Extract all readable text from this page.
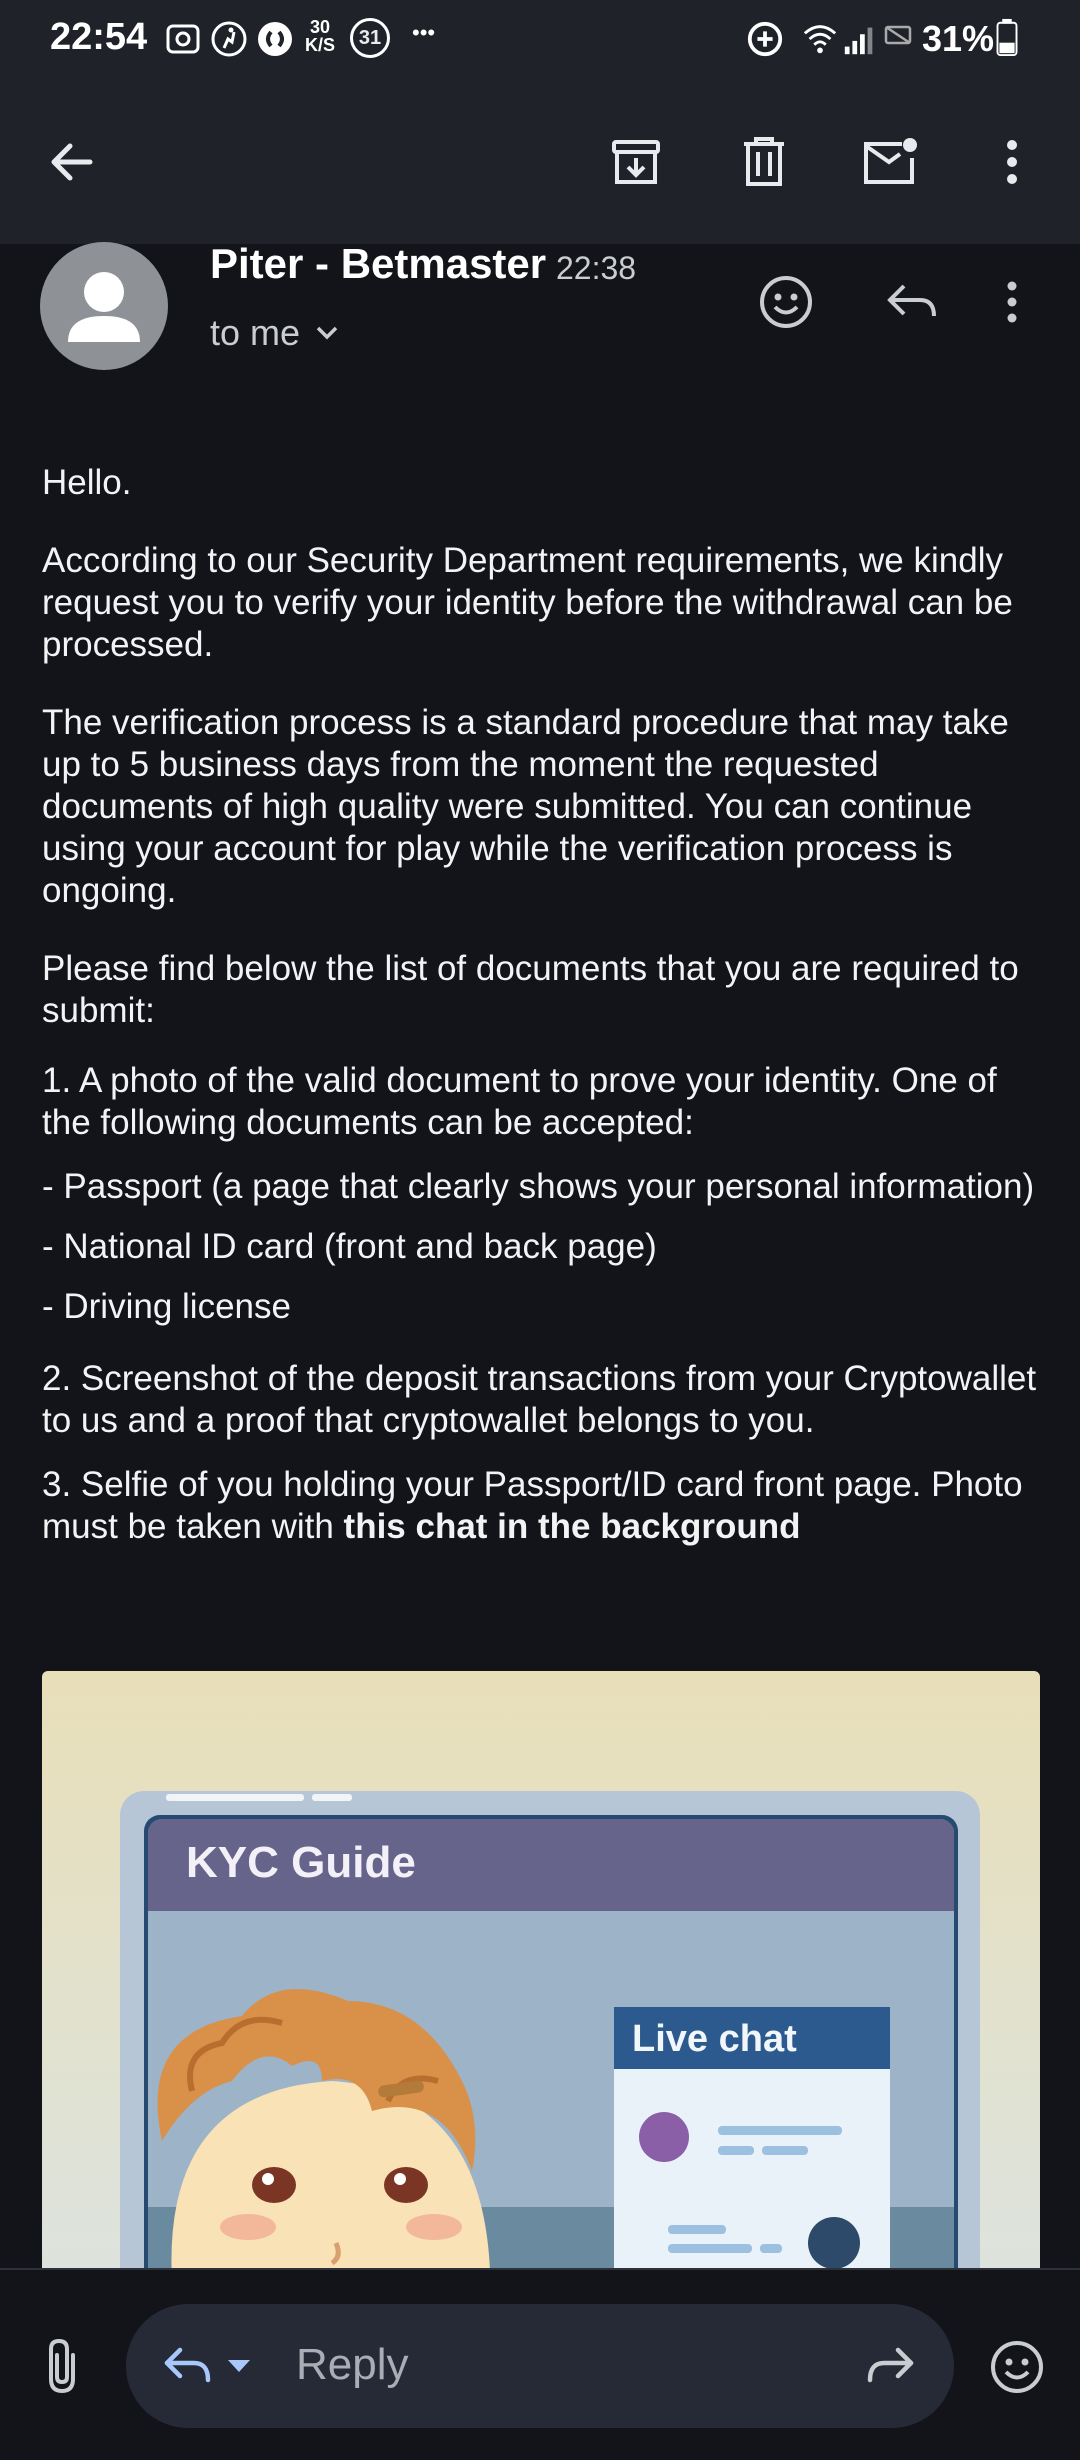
22:54	30
K/S 31 •••	31%
Piter - Betmaster 22:38
to me

Hello.

According to our Security Department requirements, we kindly request you to verify your identity before the withdrawal can be processed.

The verification process is a standard procedure that may take up to 5 business days from the moment the requested documents of high quality were submitted. You can continue using your account for play while the verification process is ongoing.

Please find below the list of documents that you are required to submit:

1. A photo of the valid document to prove your identity. One of the following documents can be accepted:

- Passport (a page that clearly shows your personal information)
- National ID card (front and back page)
- Driving license

2. Screenshot of the deposit transactions from your Cryptowallet to us and a proof that cryptowallet belongs to you.

3. Selfie of you holding your Passport/ID card front page. Photo must be taken with this chat in the background

KYC Guide
Live chat
Reply
